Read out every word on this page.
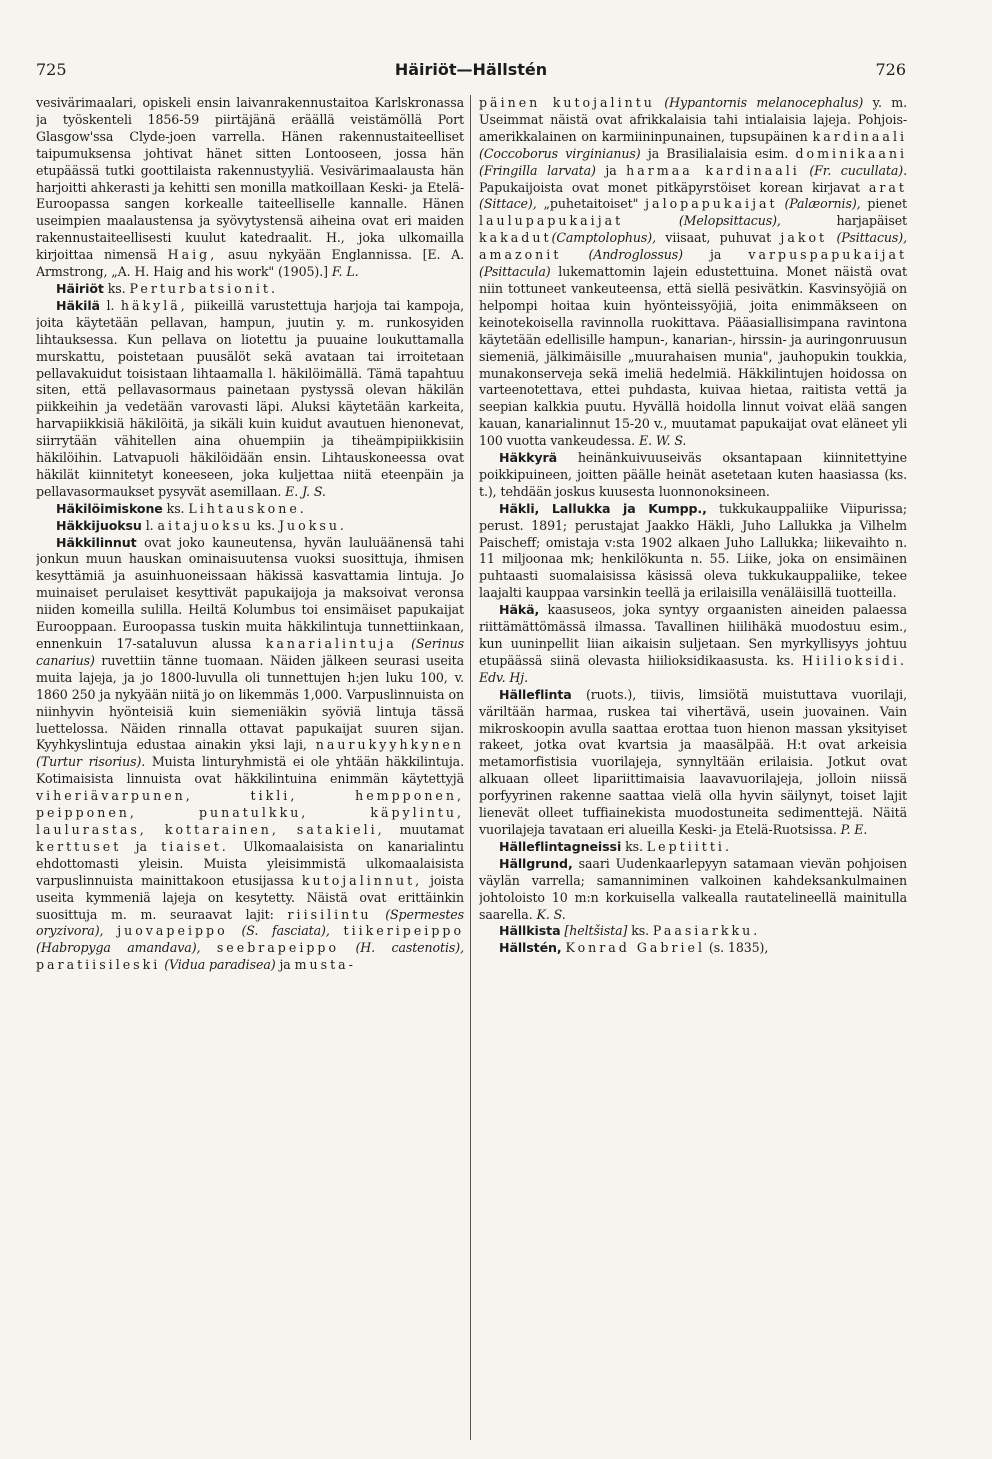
725	Häiriöt—Hällstén	726

vesivärimaalari, opiskeli ensin laivanrakennustaitoa Karlskronassa ja työskenteli 1856-59 piirtäjänä eräällä veistämöllä Port Glasgow'ssa Clyde-joen varrella. Hänen rakennustaiteelliset taipumuksensa johtivat hänet sitten Lontooseen, jossa hän etupäässä tutki goottilaista rakennustyyliä. Vesivärimaalausta hän harjoitti ahkerasti ja kehitti sen monilla matkoillaan Keski- ja Etelä-Euroopassa sangen korkealle taiteelliselle kannalle. Hänen useimpien maalaustensa ja syövytystensä aiheina ovat eri maiden rakennustaiteellisesti kuulut katedraalit. H., joka ulkomailla kirjoittaa nimensä Haig, asuu nykyään Englannissa. [E. A. Armstrong, „A. H. Haig and his work" (1905).] F. L.

Häiriöt ks. Perturbatsionit.

Häkilä l. häkylä, piikeillä varustettuja harjoja tai kampoja, joita käytetään pellavan, hampun, juutin y. m. runkosyiden lihtauksessa. Kun pellava on liotettu ja puuaine loukuttamalla murskattu, poistetaan puusälöt sekä avataan tai irroitetaan pellavakuidut toisistaan lihtaamalla l. häkilöimällä. Tämä tapahtuu siten, että pellavasormaus painetaan pystyssä olevan häkilän piikkeihin ja vedetään varovasti läpi. Aluksi käytetään karkeita, harvapiikkisiä häkilöitä, ja sikäli kuin kuidut avautuen hienonevat, siirrytään vähitellen aina ohuempiin ja tiheämpipiikkisiin häkilöihin. Latvapuoli häkilöidään ensin. Lihtauskoneessa ovat häkilät kiinnitetyt koneeseen, joka kuljettaa niitä eteenpäin ja pellavasormaukset pysyvät asemillaan. E. J. S.

Häkilöimiskone ks. Lihtauskone.

Häkkijuoksu l. aitajuoksu ks. Juoksu.

Häkkilinnut ovat joko kauneutensa, hyvän lauluäänensä tahi jonkun muun hauskan ominaisuutensa vuoksi suosittuja, ihmisen kesyttämiä ja asuinhuoneissaan häkissä kasvattamia lintuja. Jo muinaiset perulaiset kesyttivät papukaijoja ja maksoivat veronsa niiden komeilla sulilla. Heiltä Kolumbus toi ensimäiset papukaijat Eurooppaan. Euroopassa tuskin muita häkkilintuja tunnettiinkaan, ennenkuin 17-sataluvun alussa kanarialintuja (Serinus canarius) ruvettiin tänne tuomaan. Näiden jälkeen seurasi useita muita lajeja, ja jo 1800-luvulla oli tunnettujen h:jen luku 100, v. 1860 250 ja nykyään niitä jo on likemmäs 1,000. Varpuslinnuista on niinhyvin hyönteisiä kuin siemeniäkin syöviä lintuja tässä luettelossa. Näiden rinnalla ottavat papukaijat suuren sijan. Kyyhkyslintuja edustaa ainakin yksi laji, naurukyyhkynen (Turtur risorius). Muista linturyhmistä ei ole yhtään häkkilintuja. Kotimaisista linnuista ovat häkkilintuina enimmän käytettyjä viheriävarpunen, tikli, hempponen, peipponen, punatulkku, käpylintu, laulurastas, kottarainen, satakieli, muutamat kerttuset ja tiaiset. Ulkomaalaisista on kanarialintu ehdottomasti yleisin. Muista yleisimmistä ulkomaalaisista varpuslinnuista mainittakoon etusijassa kutojalinnut, joista useita kymmeniä lajeja on kesytetty. Näistä ovat erittäinkin suosittuja m. m. seuraavat lajit: riisilintu (Spermestes oryzivora), juovapeippo (S. fasciata), tiikeripeippo (Habropyga amandava), seebrapeippo (H. castenotis), paratiisileski (Vidua paradisea) ja musta-

päinen kutojalintu (Hypantornis melanocephalus) y. m. Useimmat näistä ovat afrikkalaisia tahi intialaisia lajeja. Pohjois-amerikkalainen on karmiininpunainen, tupsupäinen kardinaali (Coccoborus virginianus) ja Brasilialaisia esim. dominikaani (Fringilla larvata) ja harmaa kardinaali (Fr. cucullata). Papukaijoista ovat monet pitkäpyrstöiset korean kirjavat arat (Sittace), „puhetaitoiset" jalopapukaijat (Palæornis), pienet laulupapukaijat	(Melopsittacus),	harjapäiset kakadut(Camptolophus), viisaat, puhuvat jakot (Psittacus), amazonit (Androglossus) ja varpuspapukaijat (Psittacula) lukemattomin lajein edustettuina. Monet näistä ovat niin tottuneet vankeuteensa, että siellä pesivätkin. Kasvinsyöjiä on helpompi hoitaa kuin hyönteissyöjiä, joita enimmäkseen on keinotekoisella ravinnolla ruokittava. Pääasiallisimpana ravintona käytetään edellisille hampun-, kanarian-, hirssin- ja auringonruusun siemeniä, jälkimäisille „muurahaisen munia", jauhopukin toukkia, munakonserveja sekä imeliä hedelmiä. Häkkilintujen hoidossa on varteenotettava, ettei puhdasta, kuivaa hietaa, raitista vettä ja seepian kalkkia puutu. Hyvällä hoidolla linnut voivat elää sangen kauan, kanarialinnut 15-20 v., muutamat papukaijat ovat eläneet yli 100 vuotta vankeudessa. E. W. S.

Häkkyrä heinänkuivuuseiväs oksantapaan kiinnitettyine poikkipuineen, joitten päälle heinät asetetaan kuten haasiassa (ks. t.), tehdään joskus kuusesta luonnonoksineen.

Häkli, Lallukka ja Kumpp., tukkukauppaliike Viipurissa; perust. 1891; perustajat Jaakko Häkli, Juho Lallukka ja Vilhelm Paischeff; omistaja v:sta 1902 alkaen Juho Lallukka; liikevaihto n. 11 miljoonaa mk; henkilökunta n. 55. Liike, joka on ensimäinen puhtaasti suomalaisissa käsissä oleva tukkukauppaliike, tekee laajalti kauppaa varsinkin teellä ja erilaisilla venäläisillä tuotteilla.

Häkä, kaasuseos, joka syntyy orgaanisten aineiden palaessa riittämättömässä ilmassa. Tavallinen hiilihäkä muodostuu esim., kun uuninpellit liian aikaisin suljetaan. Sen myrkyllisyys johtuu etupäässä siinä olevasta hiilioksidikaasusta. ks. Hiilioksidi. Edv. Hj.

Hälleflinta (ruots.), tiivis, limsiötä muistuttava vuorilaji, väriltään harmaa, ruskea tai vihertävä, usein juovainen. Vain mikroskoopin avulla saattaa erottaa tuon hienon massan yksityiset rakeet, jotka ovat kvartsia ja maasälpää. H:t ovat arkeisia metamorfistisia vuorilajeja, synnyltään erilaisia. Jotkut ovat alkuaan olleet lipariittimaisia laavavuorilajeja, jolloin niissä porfyyrinen rakenne saattaa vielä olla hyvin säilynyt, toiset lajit lienevät olleet tuffiainekista muodostuneita sedimenttejä. Näitä vuorilajeja tavataan eri alueilla Keski- ja Etelä-Ruotsissa. P. E.

Hälleflintagneissi ks. Leptiitti.

Hällgrund, saari Uudenkaarlepyyn satamaan vievän pohjoisen väylän varrella; samanniminen valkoinen kahdeksankulmainen johtoloisto 10 m:n korkuisella valkealla rautatelineellä mainitulla saarella. K. S.

Hällkista [heltšista] ks. Paasiarkku.

Hällstén, Konrad Gabriel (s. 1835),
